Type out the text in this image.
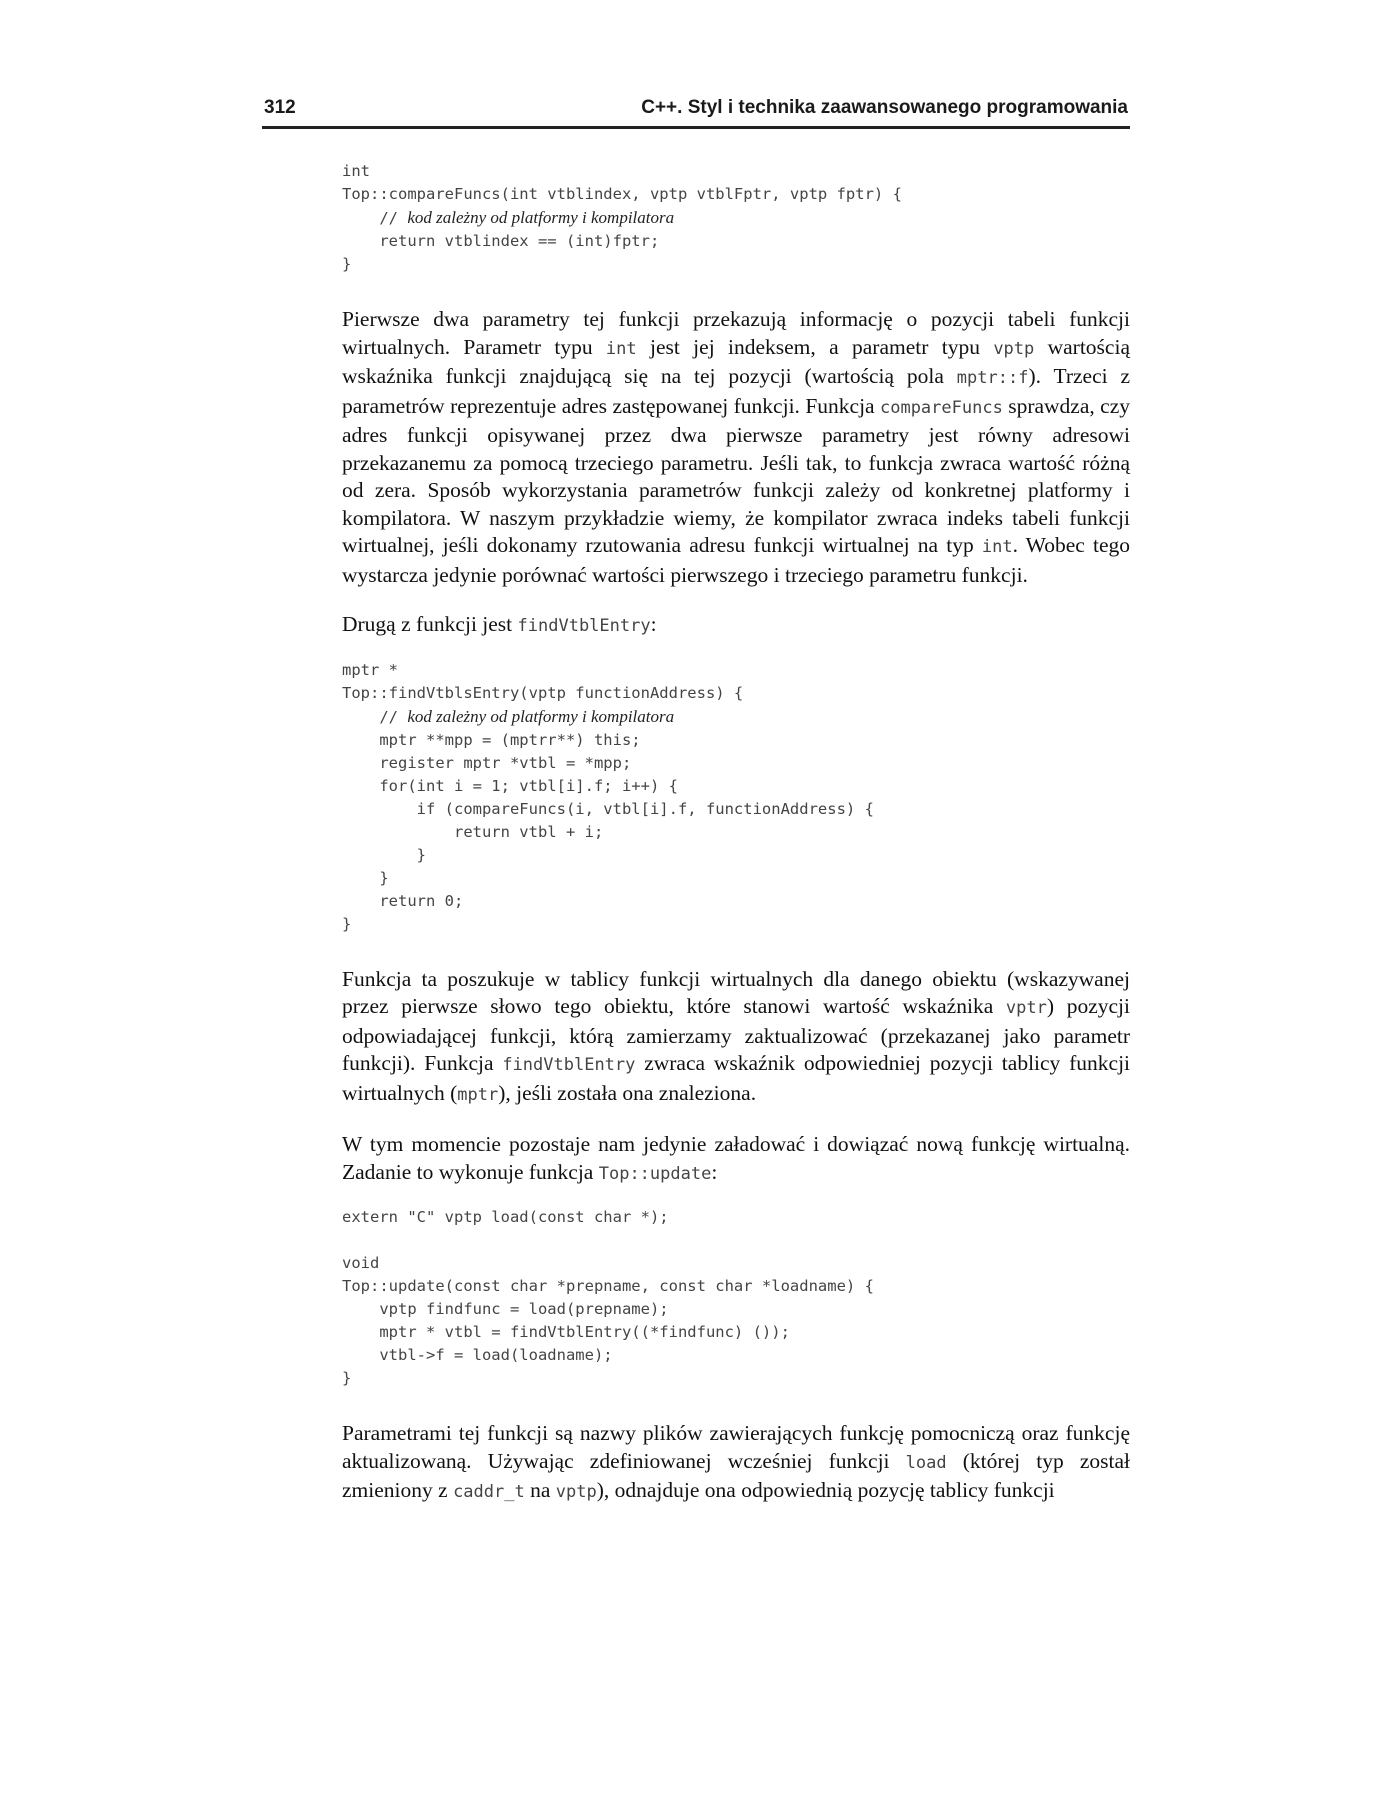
312	C++. Styl i technika zaawansowanego programowania
int
Top::compareFuncs(int vtblindex, vptp vtblFptr, vptp fptr) {
// kod zależny od platformy i kompilatora
return vtblindex == (int)fptr;
}

Pierwsze dwa parametry tej funkcji przekazują informację o pozycji tabeli funkcji wirtualnych. Parametr typu int jest jej indeksem, a parametr typu vptp wartością wskaźnika funkcji znajdującą się na tej pozycji (wartością pola mptr::f). Trzeci z parametrów reprezentuje adres zastępowanej funkcji. Funkcja compareFuncs sprawdza, czy adres funkcji opisywanej przez dwa pierwsze parametry jest równy adresowi przekazanemu za pomocą trzeciego parametru. Jeśli tak, to funkcja zwraca wartość różną od zera. Sposób wykorzystania parametrów funkcji zależy od konkretnej platformy i kompilatora. W naszym przykładzie wiemy, że kompilator zwraca indeks tabeli funkcji wirtualnej, jeśli dokonamy rzutowania adresu funkcji wirtualnej na typ int. Wobec tego wystarcza jedynie porównać wartości pierwszego i trzeciego parametru funkcji.

Drugą z funkcji jest findVtblEntry:

mptr *
Top::findVtblsEntry(vptp functionAddress) {
// kod zależny od platformy i kompilatora
mptr **mpp = (mptrr**) this;
register mptr *vtbl = *mpp;
for(int i = 1; vtbl[i].f; i++) {
if (compareFuncs(i, vtbl[i].f, functionAddress) {
return vtbl + i;
}
}
return 0;
}

Funkcja ta poszukuje w tablicy funkcji wirtualnych dla danego obiektu (wskazywanej przez pierwsze słowo tego obiektu, które stanowi wartość wskaźnika vptr) pozycji odpowiadającej funkcji, którą zamierzamy zaktualizować (przekazanej jako parametr funkcji). Funkcja findVtblEntry zwraca wskaźnik odpowiedniej pozycji tablicy funkcji wirtualnych (mptr), jeśli została ona znaleziona.

W tym momencie pozostaje nam jedynie załadować i dowiązać nową funkcję wirtualną. Zadanie to wykonuje funkcja Top::update:

extern "C" vptp load(const char *);

void
Top::update(const char *prepname, const char *loadname) {
vptp findfunc = load(prepname);
mptr * vtbl = findVtblEntry((*findfunc) ());
vtbl->f = load(loadname);
}

Parametrami tej funkcji są nazwy plików zawierających funkcję pomocniczą oraz funkcję aktualizowaną. Używając zdefiniowanej wcześniej funkcji load (której typ został zmieniony z caddr_t na vptp), odnajduje ona odpowiednią pozycję tablicy funkcji
